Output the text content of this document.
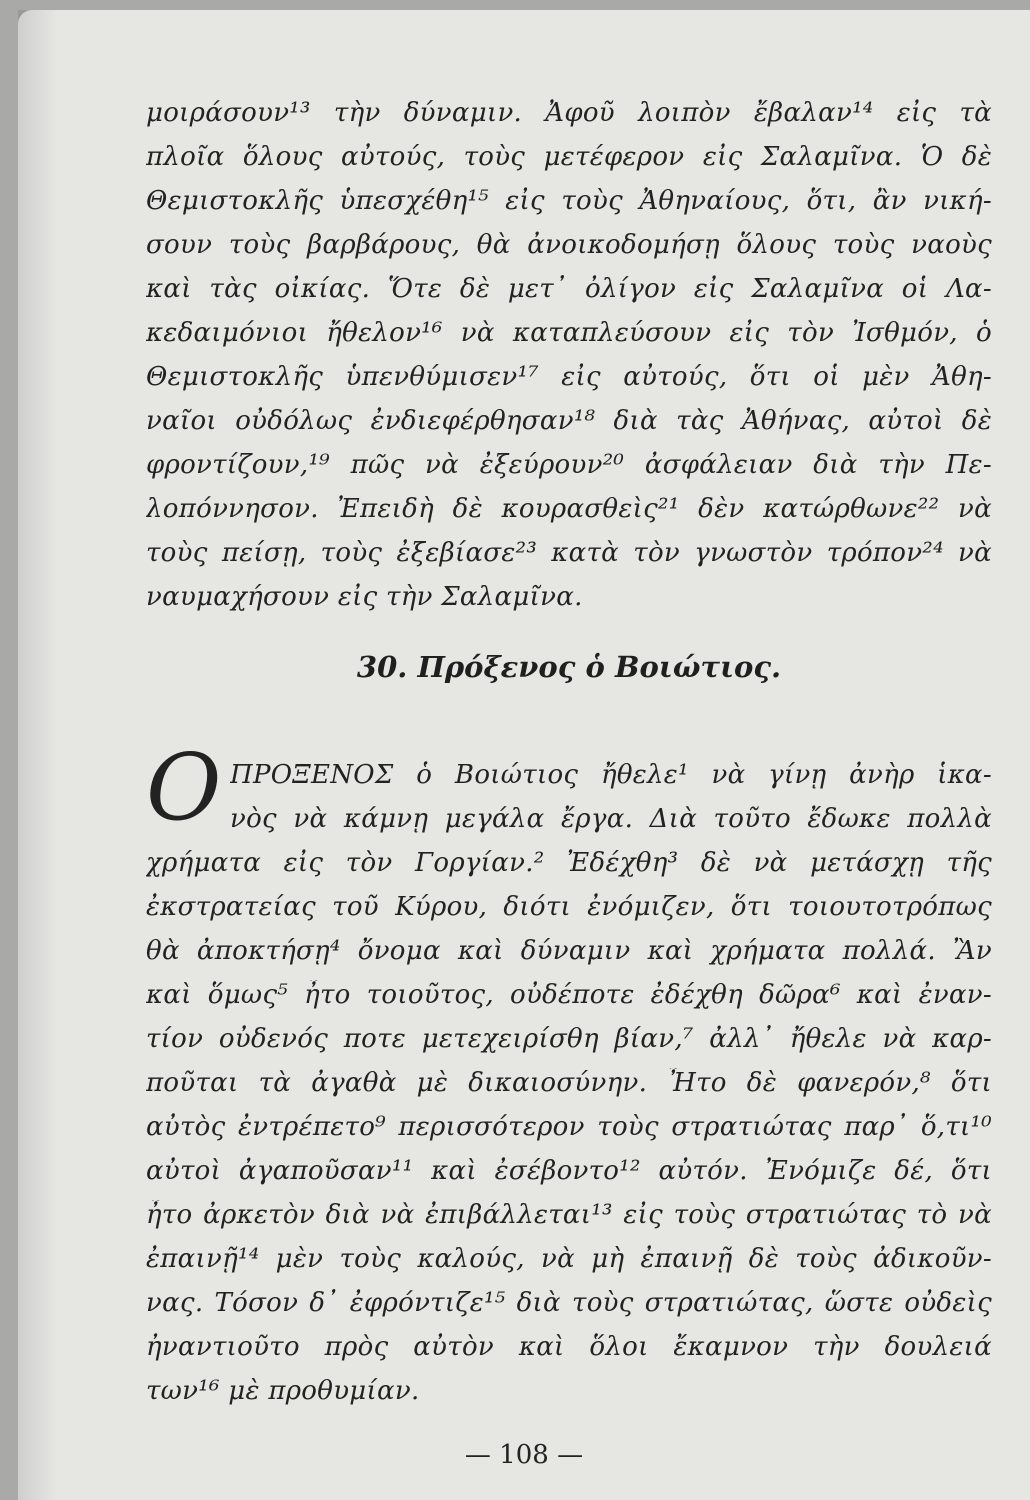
μοιράσουν¹³ τὴν δύναμιν. Ἀφοῦ λοιπὸν ἔβαλαν¹⁴ εἰς τὰ
πλοῖα ὅλους αὐτούς, τοὺς μετέφερον εἰς Σαλαμῖνα. Ὁ δὲ
Θεμιστοκλῆς ὑπεσχέθη¹⁵ εἰς τοὺς Ἀθηναίους, ὅτι, ἂν νική-
σουν τοὺς βαρβάρους, θὰ ἀνοικοδομήσῃ ὅλους τοὺς ναοὺς
καὶ τὰς οἰκίας. Ὅτε δὲ μετ᾽ ὀλίγον εἰς Σαλαμῖνα οἱ Λα-
κεδαιμόνιοι ἤθελον¹⁶ νὰ καταπλεύσουν εἰς τὸν Ἰσθμόν, ὁ
Θεμιστοκλῆς ὑπενθύμισεν¹⁷ εἰς αὐτούς, ὅτι οἱ μὲν Ἀθη-
ναῖοι οὐδόλως ἐνδιεφέρθησαν¹⁸ διὰ τὰς Ἀθήνας, αὐτοὶ δὲ
φροντίζουν,¹⁹ πῶς νὰ ἐξεύρουν²⁰ ἀσφάλειαν διὰ τὴν Πε-
λοπόννησον. Ἐπειδὴ δὲ κουρασθεὶς²¹ δὲν κατώρθωνε²² νὰ
τοὺς πείσῃ, τοὺς ἐξεβίασε²³ κατὰ τὸν γνωστὸν τρόπον²⁴ νὰ
ναυμαχήσουν εἰς τὴν Σαλαμῖνα.
30. Πρόξενος ὁ Βοιώτιος.
O ΠΡΟΞΕΝΟΣ ὁ Βοιώτιος ἤθελε¹ νὰ γίνῃ ἀνὴρ ἱκα-
νὸς νὰ κάμνῃ μεγάλα ἔργα. Διὰ τοῦτο ἔδωκε πολλὰ
χρήματα εἰς τὸν Γοργίαν.² Ἐδέχθη³ δὲ νὰ μετάσχῃ τῆς
ἐκστρατείας τοῦ Κύρου, διότι ἐνόμιζεν, ὅτι τοιουτοτρόπως
θὰ ἀποκτήσῃ⁴ ὄνομα καὶ δύναμιν καὶ χρήματα πολλά. Ἂν
καὶ ὅμως⁵ ἦτο τοιοῦτος, οὐδέποτε ἐδέχθη δῶρα⁶ καὶ ἐναν-
τίον οὐδενός ποτε μετεχειρίσθη βίαν,⁷ ἀλλ᾽ ἤθελε νὰ καρ-
ποῦται τὰ ἀγαθὰ μὲ δικαιοσύνην. Ἦτο δὲ φανερόν,⁸ ὅτι
αὐτὸς ἐντρέπετο⁹ περισσότερον τοὺς στρατιώτας παρ᾽ ὅ,τι¹⁰
αὐτοὶ ἀγαποῦσαν¹¹ καὶ ἐσέβοντο¹² αὐτόν. Ἐνόμιζε δέ, ὅτι
ἦτο ἀρκετὸν διὰ νὰ ἐπιβάλλεται¹³ εἰς τοὺς στρατιώτας τὸ νὰ
ἐπαινῇ¹⁴ μὲν τοὺς καλούς, νὰ μὴ ἐπαινῇ δὲ τοὺς ἀδικοῦν-
νας. Τόσον δ᾽ ἐφρόντιζε¹⁵ διὰ τοὺς στρατιώτας, ὥστε οὐδεὶς
ἠναντιοῦτο πρὸς αὐτὸν καὶ ὅλοι ἔκαμνον τὴν δουλειά
των¹⁶ μὲ προθυμίαν.
— 108 —
